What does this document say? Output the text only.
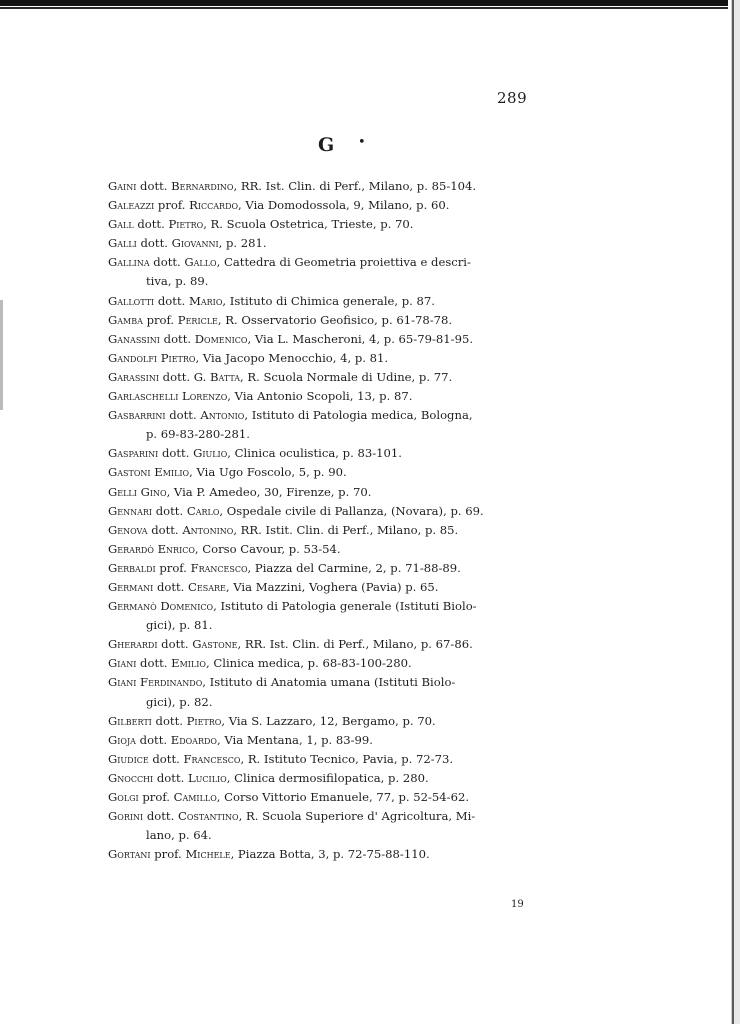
289
G •
Gaini dott. Bernardino, RR. Ist. Clin. di Perf., Milano, p. 85-104.
Galeazzi prof. Riccardo, Via Domodossola, 9, Milano, p. 60.
Gall dott. Pietro, R. Scuola Ostetrica, Trieste, p. 70.
Galli dott. Giovanni, p. 281.
Gallina dott. Gallo, Cattedra di Geometria proiettiva e descri-
tiva, p. 89.
Gallotti dott. Mario, Istituto di Chimica generale, p. 87.
Gamba prof. Pericle, R. Osservatorio Geofisico, p. 61-78-78.
Ganassini dott. Domenico, Via L. Mascheroni, 4, p. 65-79-81-95.
Gandolfi Pietro, Via Jacopo Menocchio, 4, p. 81.
Garassini dott. G. Batta, R. Scuola Normale di Udine, p. 77.
Garlaschelli Lorenzo, Via Antonio Scopoli, 13, p. 87.
Gasbarrini dott. Antonio, Istituto di Patologia medica, Bologna,
p. 69-83-280-281.
Gasparini dott. Giulio, Clinica oculistica, p. 83-101.
Gastoni Emilio, Via Ugo Foscolo, 5, p. 90.
Gelli Gino, Via P. Amedeo, 30, Firenze, p. 70.
Gennari dott. Carlo, Ospedale civile di Pallanza, (Novara), p. 69.
Genova dott. Antonino, RR. Istit. Clin. di Perf., Milano, p. 85.
Gerardò Enrico, Corso Cavour, p. 53-54.
Gerbaldi prof. Francesco, Piazza del Carmine, 2, p. 71-88-89.
Germani dott. Cesare, Via Mazzini, Voghera (Pavia) p. 65.
Germanò Domenico, Istituto di Patologia generale (Istituti Biolo-
gici), p. 81.
Gherardi dott. Gastone, RR. Ist. Clin. di Perf., Milano, p. 67-86.
Giani dott. Emilio, Clinica medica, p. 68-83-100-280.
Giani Ferdinando, Istituto di Anatomia umana (Istituti Biolo-
gici), p. 82.
Gilberti dott. Pietro, Via S. Lazzaro, 12, Bergamo, p. 70.
Gioja dott. Edoardo, Via Mentana, 1, p. 83-99.
Giudice dott. Francesco, R. Istituto Tecnico, Pavia, p. 72-73.
Gnocchi dott. Lucilio, Clinica dermosifilopatica, p. 280.
Golgi prof. Camillo, Corso Vittorio Emanuele, 77, p. 52-54-62.
Gorini dott. Costantino, R. Scuola Superiore d' Agricoltura, Mi-
lano, p. 64.
Gortani prof. Michele, Piazza Botta, 3, p. 72-75-88-110.
19
